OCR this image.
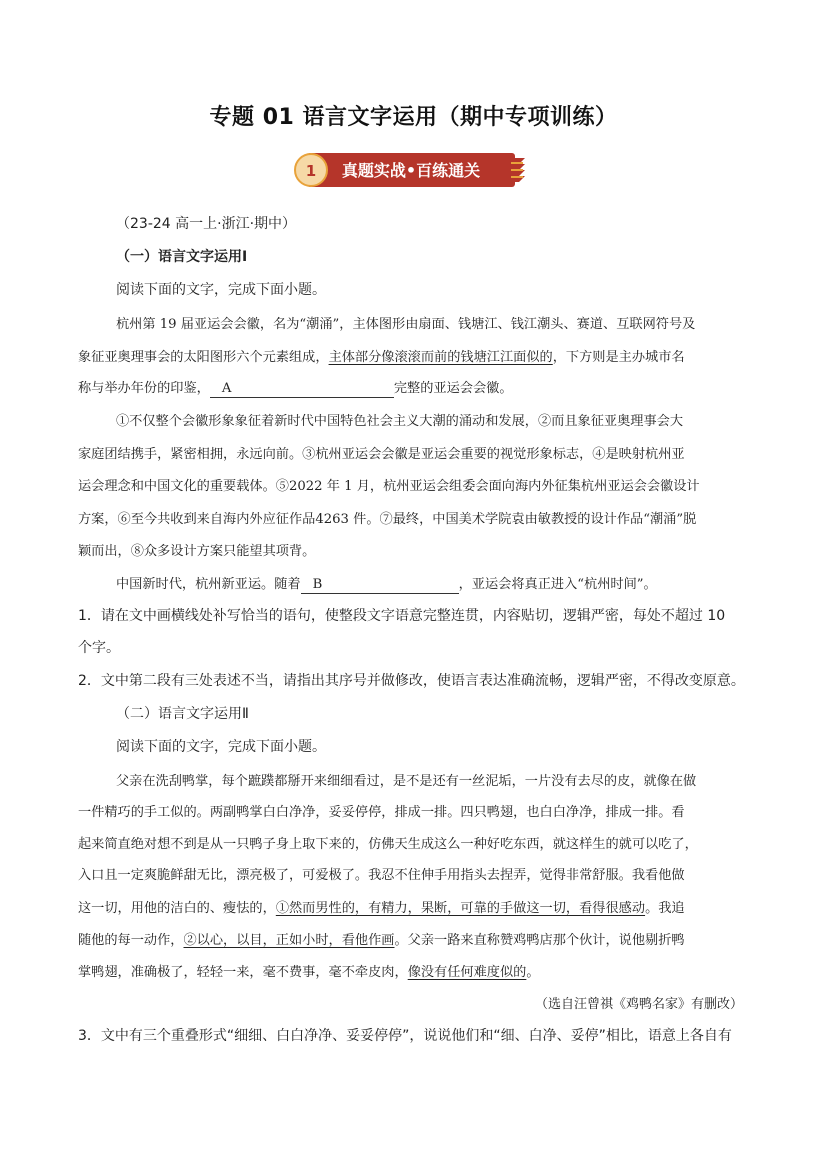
专题 01 语言文字运用（期中专项训练）
1 真题实战•百练通关
（23-24 高一上·浙江·期中）
（一）语言文字运用Ⅰ
阅读下面的文字，完成下面小题。
杭州第 19 届亚运会会徽，名为“潮涌”，主体图形由扇面、钱塘江、钱江潮头、赛道、互联网符号及
象征亚奥理事会的太阳图形六个元素组成，主体部分像滚滚而前的钱塘江江面似的，下方则是主办城市名
称与举办年份的印鉴， A	完整的亚运会会徽。
①不仅整个会徽形象象征着新时代中国特色社会主义大潮的涌动和发展，②而且象征亚奥理事会大
家庭团结携手，紧密相拥，永远向前。③杭州亚运会会徽是亚运会重要的视觉形象标志，④是映射杭州亚
运会理念和中国文化的重要载体。⑤2022 年 1 月，杭州亚运会组委会面向海内外征集杭州亚运会会徽设计
方案，⑥至今共收到来自海内外应征作品4263 件。⑦最终，中国美术学院袁由敏教授的设计作品“潮涌”脱
颖而出，⑧众多设计方案只能望其项背。
中国新时代，杭州新亚运。随着 B	，亚运会将真正进入“杭州时间”。
1．请在文中画横线处补写恰当的语句，使整段文字语意完整连贯，内容贴切，逻辑严密，每处不超过 10
个字。
2．文中第二段有三处表述不当，请指出其序号并做修改，使语言表达准确流畅，逻辑严密，不得改变原意。
（二）语言文字运用Ⅱ
阅读下面的文字，完成下面小题。
父亲在洗刮鸭掌，每个蹠蹼都掰开来细细看过，是不是还有一丝泥垢，一片没有去尽的皮，就像在做
一件精巧的手工似的。两副鸭掌白白净净，妥妥停停，排成一排。四只鸭翅，也白白净净，排成一排。看
起来简直绝对想不到是从一只鸭子身上取下来的，仿佛天生成这么一种好吃东西，就这样生的就可以吃了，
入口且一定爽脆鲜甜无比，漂亮极了，可爱极了。我忍不住伸手用指头去捏弄，觉得非常舒服。我看他做
这一切，用他的洁白的、瘦怯的，①然而男性的，有精力，果断，可靠的手做这一切，看得很感动。我追
随他的每一动作，②以心，以目，正如小时，看他作画。父亲一路来直称赞鸡鸭店那个伙计，说他剔折鸭
掌鸭翅，准确极了，轻轻一来，毫不费事，毫不牵皮肉，像没有任何难度似的。
（选自汪曾祺《鸡鸭名家》有删改）
3．文中有三个重叠形式“细细、白白净净、妥妥停停”，说说他们和“细、白净、妥停”相比，语意上各自有
